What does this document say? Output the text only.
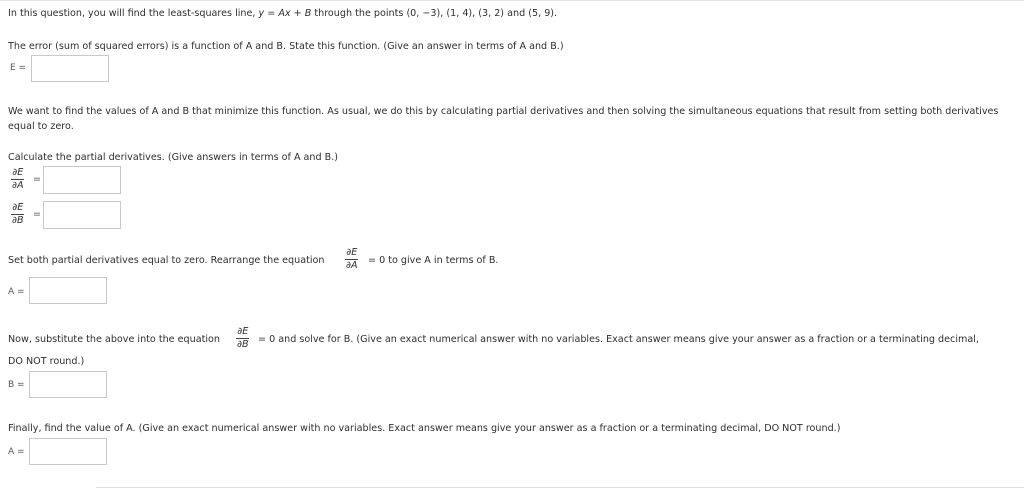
In this question, you will find the least-squares line, y = Ax + B through the points (0, −3), (1, 4), (3, 2) and (5, 9).
The error (sum of squared errors) is a function of A and B. State this function. (Give an answer in terms of A and B.)
E =
We want to find the values of A and B that minimize this function. As usual, we do this by calculating partial derivatives and then solving the simultaneous equations that result from setting both derivatives equal to zero.
Calculate the partial derivatives. (Give answers in terms of A and B.)
$\frac{\partial E}{\partial A}$ =
$\frac{\partial E}{\partial B}$ =
Set both partial derivatives equal to zero. Rearrange the equation $\frac{\partial E}{\partial A} = 0$ to give A in terms of B.
A =
Now, substitute the above into the equation $\frac{\partial E}{\partial B} = 0$ and solve for B. (Give an exact numerical answer with no variables. Exact answer means give your answer as a fraction or a terminating decimal,
DO NOT round.)
B =
Finally, find the value of A. (Give an exact numerical answer with no variables. Exact answer means give your answer as a fraction or a terminating decimal, DO NOT round.)
A =
